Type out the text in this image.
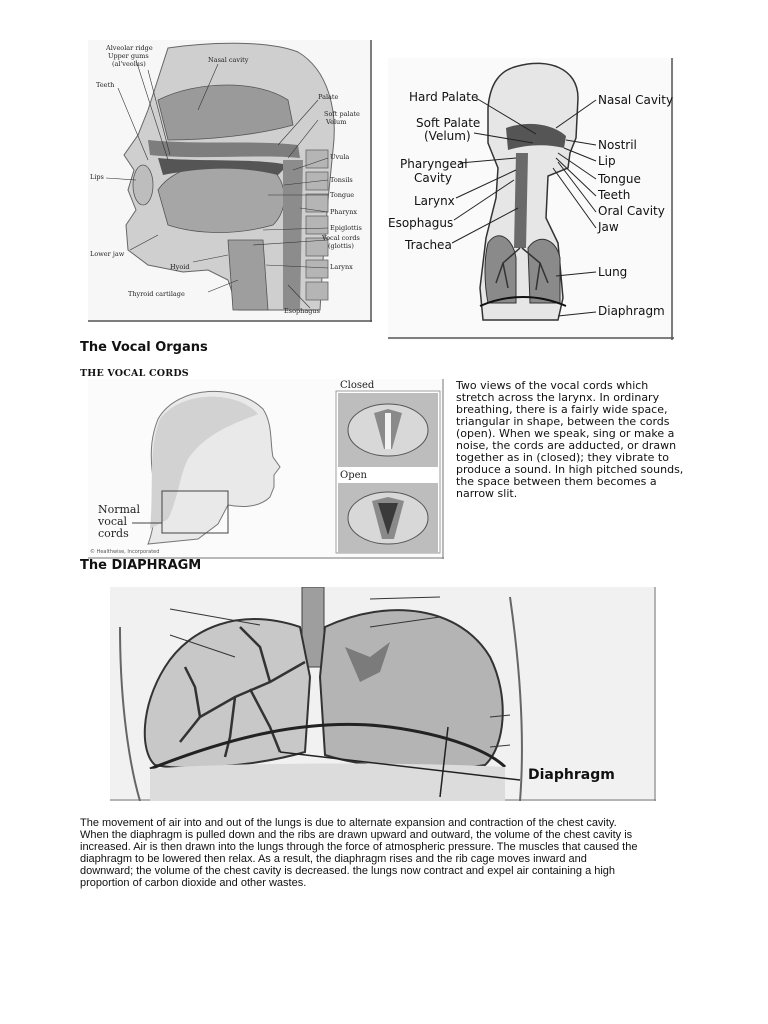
Alveolar ridge
Upper gums
(al'veolus)	Nasal cavity
Teeth
Palate
Soft palate
Velum
Uvula
Lips	Tonsils
Tongue
Pharynx
Epiglottis
Vocal cords
(glottis)
Lower jaw
Hyoid	Larynx
Thyroid cartilage
Esophagus
Hard Palate	Nasal Cavity
Soft Palate
(Velum)
Nostril
Pharyngeal
Cavity
Lip
Tongue
Larynx	Teeth
Oral Cavity
Esophagus	Jaw
Trachea
Lung
Diaphragm
The Vocal Organs
THE VOCAL CORDS
Closed
Open
Normal
vocal
cords
© Healthwise, Incorporated
Two views of the vocal cords which
stretch across the larynx. In ordinary
breathing, there is a fairly wide space,
triangular in shape, between the cords
(open). When we speak, sing or make a
noise, the cords are adducted, or drawn
together as in (closed); they vibrate to
produce a sound. In high pitched sounds,
the space between them becomes a
narrow slit.
The DIAPHRAGM
Diaphragm
The movement of air into and out of the lungs is due to alternate expansion and contraction of the chest cavity.
When the diaphragm is pulled down and the ribs are drawn upward and outward, the volume of the chest cavity is
increased. Air is then drawn into the lungs through the force of atmospheric pressure. The muscles that caused the
diaphragm to be lowered then relax. As a result, the diaphragm rises and the rib cage moves inward and
downward; the volume of the chest cavity is decreased. the lungs now contract and expel air containing a high
proportion of carbon dioxide and other wastes.
